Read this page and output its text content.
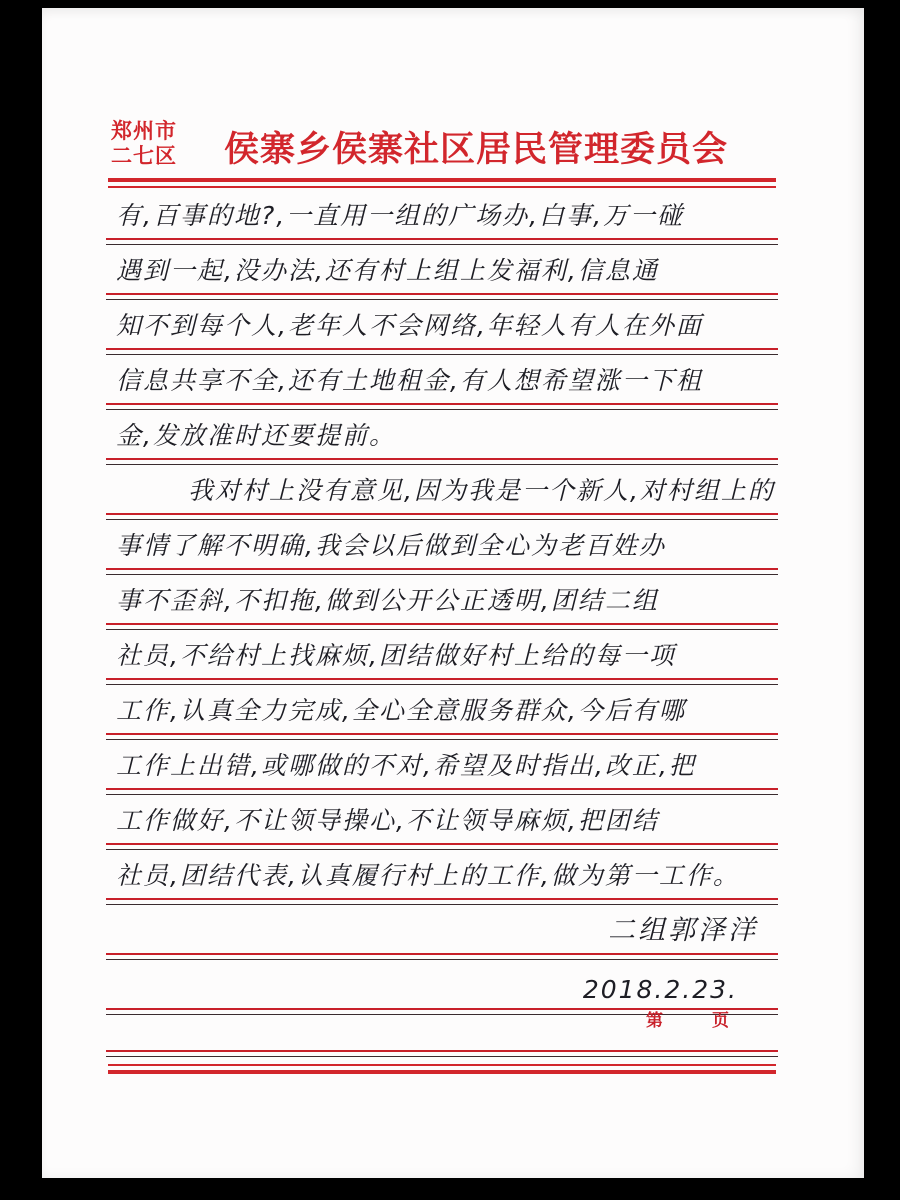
郑州市
二七区 侯寨乡侯寨社区居民管理委员会
有,百事的地?,一直用一组的广场办,白事,万一碰
遇到一起,没办法,还有村上组上发福利,信息通
知不到每个人,老年人不会网络,年轻人有人在外面
信息共享不全,还有土地租金,有人想希望涨一下租
金,发放准时还要提前。
我对村上没有意见,因为我是一个新人,对村组上的
事情了解不明确,我会以后做到全心为老百姓办
事不歪斜,不扣拖,做到公开公正透明,团结二组
社员,不给村上找麻烦,团结做好村上给的每一项
工作,认真全力完成,全心全意服务群众,今后有哪
工作上出错,或哪做的不对,希望及时指出,改正,把
工作做好,不让领导操心,不让领导麻烦,把团结
社员,团结代表,认真履行村上的工作,做为第一工作。
二组郭泽洋
2018.2.23.
第	页
